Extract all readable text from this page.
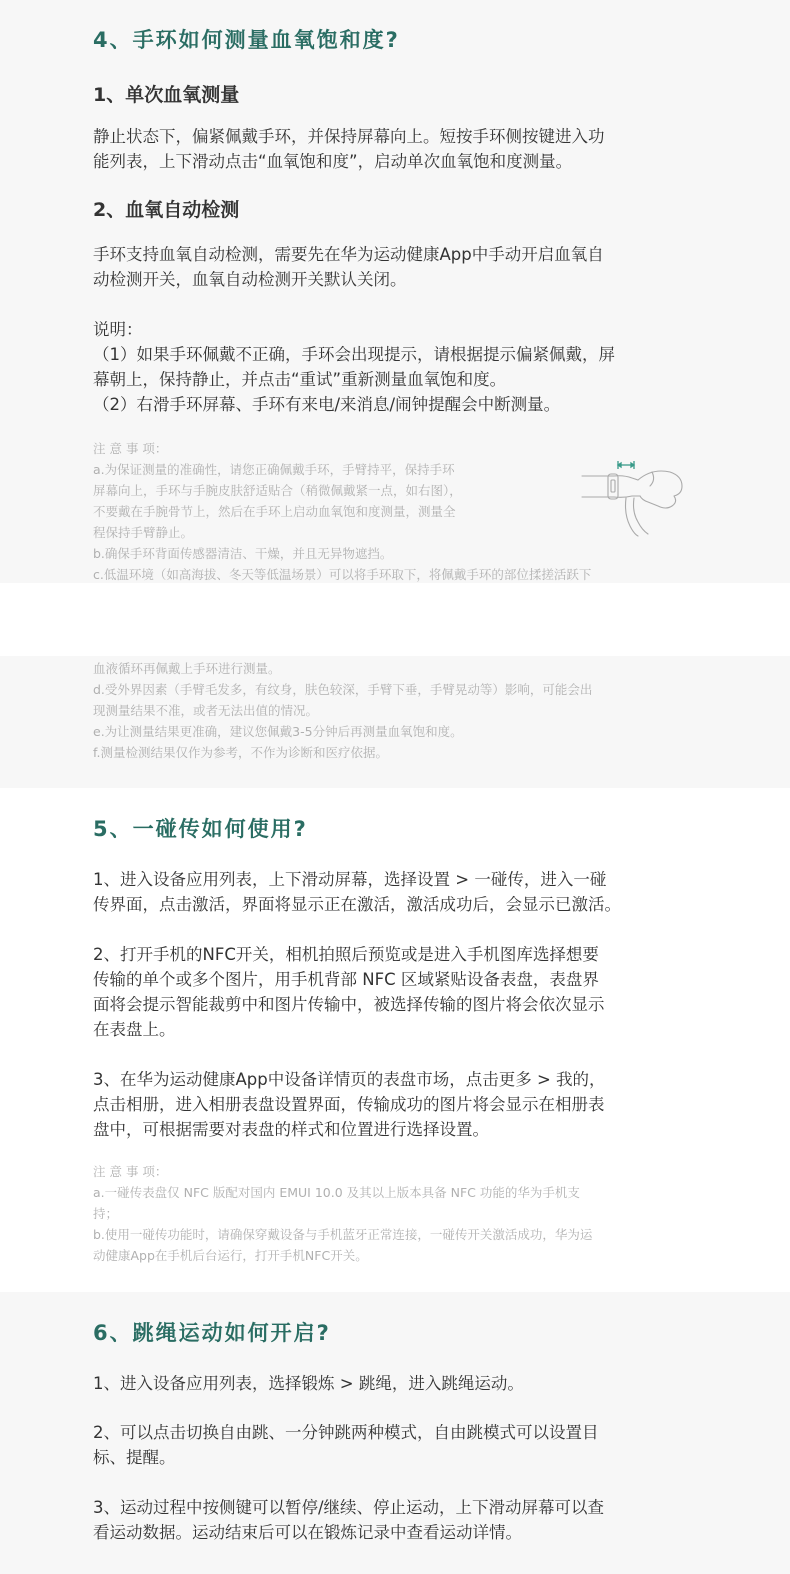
4、手环如何测量血氧饱和度?
1、单次血氧测量

静止状态下，偏紧佩戴手环，并保持屏幕向上。短按手环侧按键进入功
能列表，上下滑动点击“血氧饱和度”，启动单次血氧饱和度测量。

2、血氧自动检测

手环支持血氧自动检测，需要先在华为运动健康App中手动开启血氧自
动检测开关，血氧自动检测开关默认关闭。

说明：
（1）如果手环佩戴不正确，手环会出现提示，请根据提示偏紧佩戴，屏
幕朝上，保持静止，并点击“重试”重新测量血氧饱和度。
（2）右滑手环屏幕、手环有来电/来消息/闹钟提醒会中断测量。

注 意 事 项：
a.为保证测量的准确性，请您正确佩戴手环，手臂持平，保持手环
屏幕向上，手环与手腕皮肤舒适贴合（稍微佩戴紧一点，如右图），
不要戴在手腕骨节上，然后在手环上启动血氧饱和度测量，测量全
程保持手臂静止。
b.确保手环背面传感器清洁、干燥，并且无异物遮挡。
c.低温环境（如高海拔、冬天等低温场景）可以将手环取下，将佩戴手环的部位揉搓活跃下
血液循环再佩戴上手环进行测量。
d.受外界因素（手臂毛发多，有纹身，肤色较深，手臂下垂，手臂晃动等）影响，可能会出
现测量结果不准，或者无法出值的情况。
e.为让测量结果更准确，建议您佩戴3-5分钟后再测量血氧饱和度。
f.测量检测结果仅作为参考，不作为诊断和医疗依据。
5、一碰传如何使用?

1、进入设备应用列表，上下滑动屏幕，选择设置 > 一碰传，进入一碰
传界面，点击激活，界面将显示正在激活，激活成功后，会显示已激活。

2、打开手机的NFC开关，相机拍照后预览或是进入手机图库选择想要
传输的单个或多个图片，用手机背部 NFC 区域紧贴设备表盘，表盘界
面将会提示智能裁剪中和图片传输中，被选择传输的图片将会依次显示
在表盘上。

3、在华为运动健康App中设备详情页的表盘市场，点击更多 > 我的，
点击相册，进入相册表盘设置界面，传输成功的图片将会显示在相册表
盘中，可根据需要对表盘的样式和位置进行选择设置。

注 意 事 项：
a.一碰传表盘仅 NFC 版配对国内 EMUI 10.0 及其以上版本具备 NFC 功能的华为手机支
持；
b.使用一碰传功能时，请确保穿戴设备与手机蓝牙正常连接，一碰传开关激活成功，华为运
动健康App在手机后台运行，打开手机NFC开关。
6、跳绳运动如何开启?

1、进入设备应用列表，选择锻炼 > 跳绳，进入跳绳运动。

2、可以点击切换自由跳、一分钟跳两种模式，自由跳模式可以设置目
标、提醒。

3、运动过程中按侧键可以暂停/继续、停止运动，上下滑动屏幕可以查
看运动数据。运动结束后可以在锻炼记录中查看运动详情。
